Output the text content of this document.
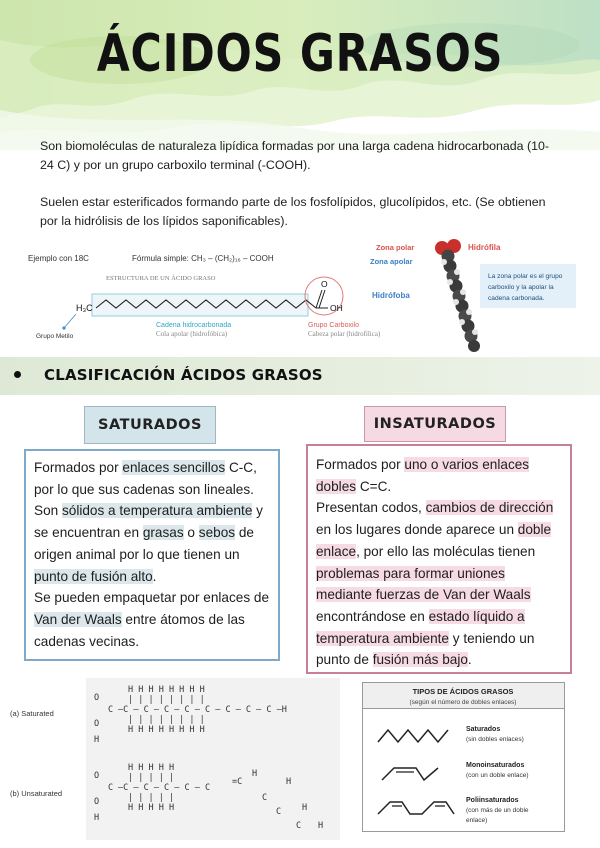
ÁCIDOS GRASOS

Son biomoléculas de naturaleza lipídica formadas por una larga cadena hidrocarbonada (10-24 C) y por un grupo carboxilo terminal (-COOH).

Suelen estar esterificados formando parte de los fosfolípidos, glucolípidos, etc. (Se obtienen por la hidrólisis de los lípidos saponificables).

Ejemplo con 18C	Fórmula simple: CH₃ – (CH₂)₁₆ – COOH
ESTRUCTURA DE UN ÁCIDO GRASO
H₃C
O
OH
Cadena hidrocarbonada
Cola apolar (hidrofóbica)
Grupo Carboxilo
Cabeza polar (hidrofílica)
Grupo Metilo
Zona polar	Hidrófila
Zona apolar
Hidrófoba
La zona polar es el grupo
carboxilo y la apolar la
cadena carbonada.
CLASIFICACIÓN ÁCIDOS GRASOS
SATURADOS	INSATURADOS
Formados por enlaces sencillos C-C, por lo que sus cadenas son lineales. Son sólidos a temperatura ambiente y se encuentran en grasas o sebos de origen animal por lo que tienen un punto de fusión alto.
Se pueden empaquetar por enlaces de Van der Waals entre átomos de las cadenas vecinas.
Formados por uno o varios enlaces dobles C=C.
Presentan codos, cambios de dirección en los lugares donde aparece un doble enlace, por ello las moléculas tienen problemas para formar uniones mediante fuerzas de Van der Waals encontrándose en estado líquido a temperatura ambiente y teniendo un punto de fusión más bajo.
(a) Saturated
(b) Unsaturated
O
C
O
H
H H H H H H H H
| | | | | | | |
–C – C – C – C – C – C – C – C –H
| | | | | | | |
H H H H H H H H
O
C
O
H
H H H H H
| | | | |
–C – C – C – C – C
| | | | |
H H H H H
=C
H
C
H
C H
C H
TIPOS DE ÁCIDOS GRASOS
(según el número de dobles enlaces)
Saturados
(sin dobles enlaces)
Monoinsaturados
(con un doble enlace)
Poliinsaturados
(con más de un doble
enlace)
